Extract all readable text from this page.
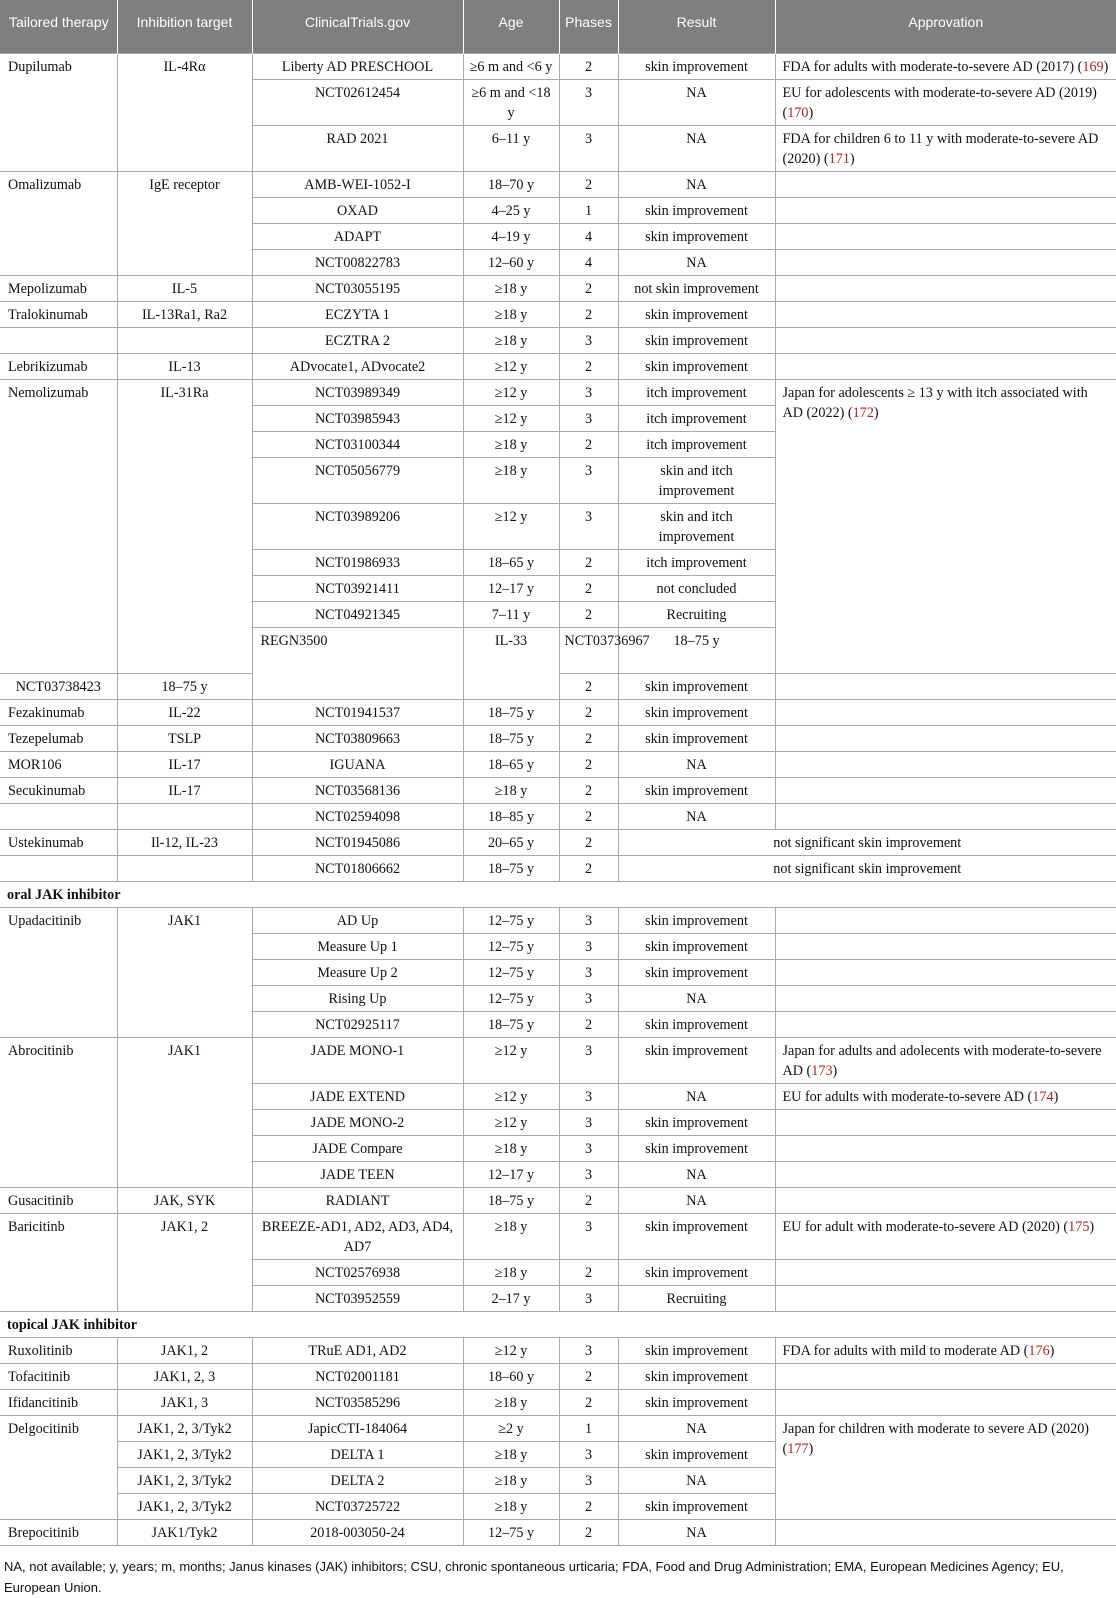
Tailored therapy	Inhibition target	ClinicalTrials.gov	Age	Phases	Result	Approvation	
Dupilumab	IL-4Rα	Liberty AD PRESCHOOL	≥6 m and <6 y	2	skin improvement	FDA for adults with moderate-to-severe AD (2017) (169)	
		NCT02612454	≥6 m and <18 y	3	NA	EU for adolescents with moderate-to-severe AD (2019) (170)	
		RAD 2021	6–11 y	3	NA	FDA for children 6 to 11 y with moderate-to-severe AD (2020) (171)	
Omalizumab	IgE receptor	AMB-WEI-1052-I	18–70 y	2	NA		
		OXAD	4–25 y	1	skin improvement		
		ADAPT	4–19 y	4	skin improvement		
		NCT00822783	12–60 y	4	NA		
Mepolizumab	IL-5	NCT03055195	≥18 y	2	not skin improvement		
Tralokinumab	IL-13Ra1, Ra2	ECZYTA 1	≥18 y	2	skin improvement		
		ECZTRA 2	≥18 y	3	skin improvement		
Lebrikizumab	IL-13	ADvocate1, ADvocate2	≥12 y	2	skin improvement		
Nemolizumab	IL-31Ra	NCT03989349	≥12 y	3	itch improvement	Japan for adolescents ≥ 13 y with itch associated with AD (2022) (172)	
		NCT03985943	≥12 y	3	itch improvement		
		NCT03100344	≥18 y	2	itch improvement		
		NCT05056779	≥18 y	3	skin and itch improvement		
		NCT03989206	≥12 y	3	skin and itch improvement		
		NCT01986933	18–65 y	2	itch improvement		
		NCT03921411	12–17 y	2	not concluded		
		NCT04921345	7–11 y	2	Recruiting		
		REGN3500	IL-33	NCT03736967	18–75 y			
NCT03738423	18–75 y			2	skin improvement		
Fezakinumab	IL-22	NCT01941537	18–75 y	2	skin improvement		
Tezepelumab	TSLP	NCT03809663	18–75 y	2	skin improvement		
MOR106	IL-17	IGUANA	18–65 y	2	NA		
Secukinumab	IL-17	NCT03568136	≥18 y	2	skin improvement		
		NCT02594098	18–85 y	2	NA		
Ustekinumab	Il-12, IL-23	NCT01945086	20–65 y	2	not significant skin improvement		
		NCT01806662	18–75 y	2	not significant skin improvement		
oral JAK inhibitor							
Upadacitinib	JAK1	AD Up	12–75 y	3	skin improvement		
		Measure Up 1	12–75 y	3	skin improvement		
		Measure Up 2	12–75 y	3	skin improvement		
		Rising Up	12–75 y	3	NA		
		NCT02925117	18–75 y	2	skin improvement		
Abrocitinib	JAK1	JADE MONO-1	≥12 y	3	skin improvement	Japan for adults and adolecents with moderate-to-severe AD (173)	
		JADE EXTEND	≥12 y	3	NA	EU for adults with moderate-to-severe AD (174)	
		JADE MONO-2	≥12 y	3	skin improvement		
		JADE Compare	≥18 y	3	skin improvement		
		JADE TEEN	12–17 y	3	NA		
Gusacitinib	JAK, SYK	RADIANT	18–75 y	2	NA		
Baricitinb	JAK1, 2	BREEZE-AD1, AD2, AD3, AD4, AD7	≥18 y	3	skin improvement	EU for adult with moderate-to-severe AD (2020) (175)	
		NCT02576938	≥18 y	2	skin improvement		
		NCT03952559	2–17 y	3	Recruiting		
topical JAK inhibitor							
Ruxolitinib	JAK1, 2	TRuE AD1, AD2	≥12 y	3	skin improvement	FDA for adults with mild to moderate AD (176)	
Tofacitinib	JAK1, 2, 3	NCT02001181	18–60 y	2	skin improvement		
Ifidancitinib	JAK1, 3	NCT03585296	≥18 y	2	skin improvement		
Delgocitinib	JAK1, 2, 3/Tyk2	JapicCTI-184064	≥2 y	1	NA	Japan for children with moderate to severe AD (2020) (177)	
	JAK1, 2, 3/Tyk2	DELTA 1	≥18 y	3	skin improvement		
	JAK1, 2, 3/Tyk2	DELTA 2	≥18 y	3	NA		
	JAK1, 2, 3/Tyk2	NCT03725722	≥18 y	2	skin improvement		
Brepocitinib	JAK1/Tyk2	2018-003050-24	12–75 y	2	NA		
NA, not available; y, years; m, months; Janus kinases (JAK) inhibitors; CSU, chronic spontaneous urticaria; FDA, Food and Drug Administration; EMA, European Medicines Agency; EU, European Union.
